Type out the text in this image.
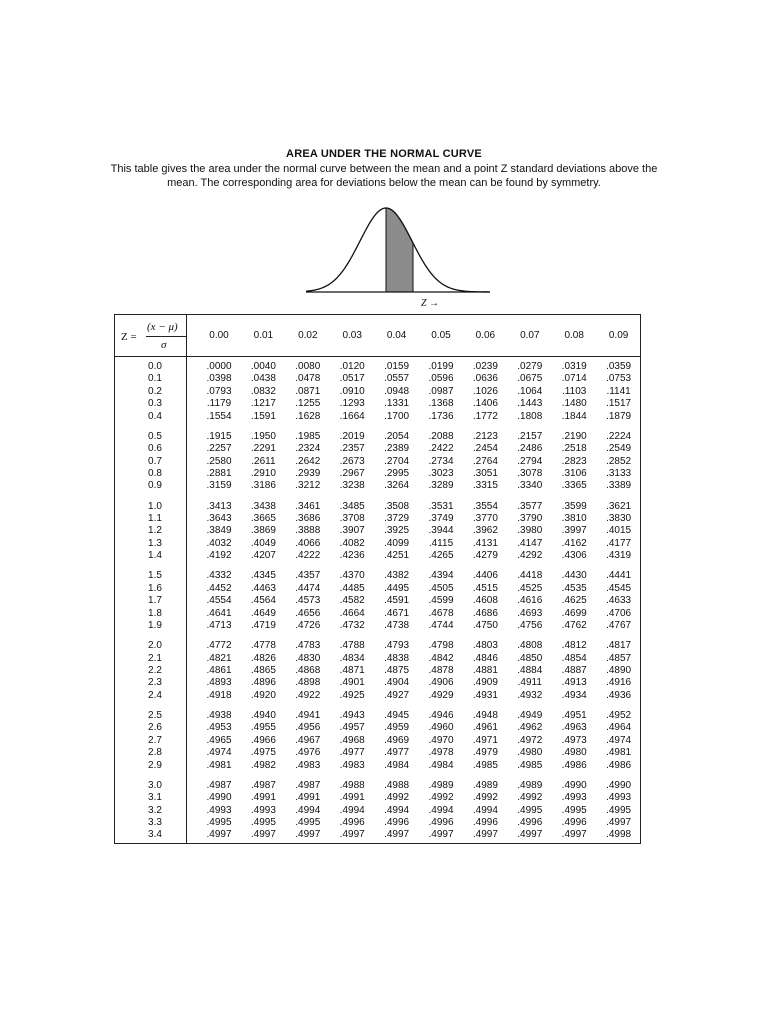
AREA UNDER THE NORMAL CURVE
This table gives the area under the normal curve between the mean and a point Z standard deviations above the mean. The corresponding area for deviations below the mean can be found by symmetry.
Z →
Z =
(x − μ)
σ
0.00	0.01	0.02	0.03	0.04	0.05	0.06	0.07	0.08	0.09
0.0	.0000	.0040	.0080	.0120	.0159	.0199	.0239	.0279	.0319	.0359
0.1	.0398	.0438	.0478	.0517	.0557	.0596	.0636	.0675	.0714	.0753
0.2	.0793	.0832	.0871	.0910	.0948	.0987	.1026	.1064	.1103	.1141
0.3	.1179	.1217	.1255	.1293	.1331	.1368	.1406	.1443	.1480	.1517
0.4	.1554	.1591	.1628	.1664	.1700	.1736	.1772	.1808	.1844	.1879
0.5	.1915	.1950	.1985	.2019	.2054	.2088	.2123	.2157	.2190	.2224
0.6	.2257	.2291	.2324	.2357	.2389	.2422	.2454	.2486	.2518	.2549
0.7	.2580	.2611	.2642	.2673	.2704	.2734	.2764	.2794	.2823	.2852
0.8	.2881	.2910	.2939	.2967	.2995	.3023	.3051	.3078	.3106	.3133
0.9	.3159	.3186	.3212	.3238	.3264	.3289	.3315	.3340	.3365	.3389
1.0	.3413	.3438	.3461	.3485	.3508	.3531	.3554	.3577	.3599	.3621
1.1	.3643	.3665	.3686	.3708	.3729	.3749	.3770	.3790	.3810	.3830
1.2	.3849	.3869	.3888	.3907	.3925	.3944	.3962	.3980	.3997	.4015
1.3	.4032	.4049	.4066	.4082	.4099	.4115	.4131	.4147	.4162	.4177
1.4	.4192	.4207	.4222	.4236	.4251	.4265	.4279	.4292	.4306	.4319
1.5	.4332	.4345	.4357	.4370	.4382	.4394	.4406	.4418	.4430	.4441
1.6	.4452	.4463	.4474	.4485	.4495	.4505	.4515	.4525	.4535	.4545
1.7	.4554	.4564	.4573	.4582	.4591	.4599	.4608	.4616	.4625	.4633
1.8	.4641	.4649	.4656	.4664	.4671	.4678	.4686	.4693	.4699	.4706
1.9	.4713	.4719	.4726	.4732	.4738	.4744	.4750	.4756	.4762	.4767
2.0	.4772	.4778	.4783	.4788	.4793	.4798	.4803	.4808	.4812	.4817
2.1	.4821	.4826	.4830	.4834	.4838	.4842	.4846	.4850	.4854	.4857
2.2	.4861	.4865	.4868	.4871	.4875	.4878	.4881	.4884	.4887	.4890
2.3	.4893	.4896	.4898	.4901	.4904	.4906	.4909	.4911	.4913	.4916
2.4	.4918	.4920	.4922	.4925	.4927	.4929	.4931	.4932	.4934	.4936
2.5	.4938	.4940	.4941	.4943	.4945	.4946	.4948	.4949	.4951	.4952
2.6	.4953	.4955	.4956	.4957	.4959	.4960	.4961	.4962	.4963	.4964
2.7	.4965	.4966	.4967	.4968	.4969	.4970	.4971	.4972	.4973	.4974
2.8	.4974	.4975	.4976	.4977	.4977	.4978	.4979	.4980	.4980	.4981
2.9	.4981	.4982	.4983	.4983	.4984	.4984	.4985	.4985	.4986	.4986
3.0	.4987	.4987	.4987	.4988	.4988	.4989	.4989	.4989	.4990	.4990
3.1	.4990	.4991	.4991	.4991	.4992	.4992	.4992	.4992	.4993	.4993
3.2	.4993	.4993	.4994	.4994	.4994	.4994	.4994	.4995	.4995	.4995
3.3	.4995	.4995	.4995	.4996	.4996	.4996	.4996	.4996	.4996	.4997
3.4	.4997	.4997	.4997	.4997	.4997	.4997	.4997	.4997	.4997	.4998
